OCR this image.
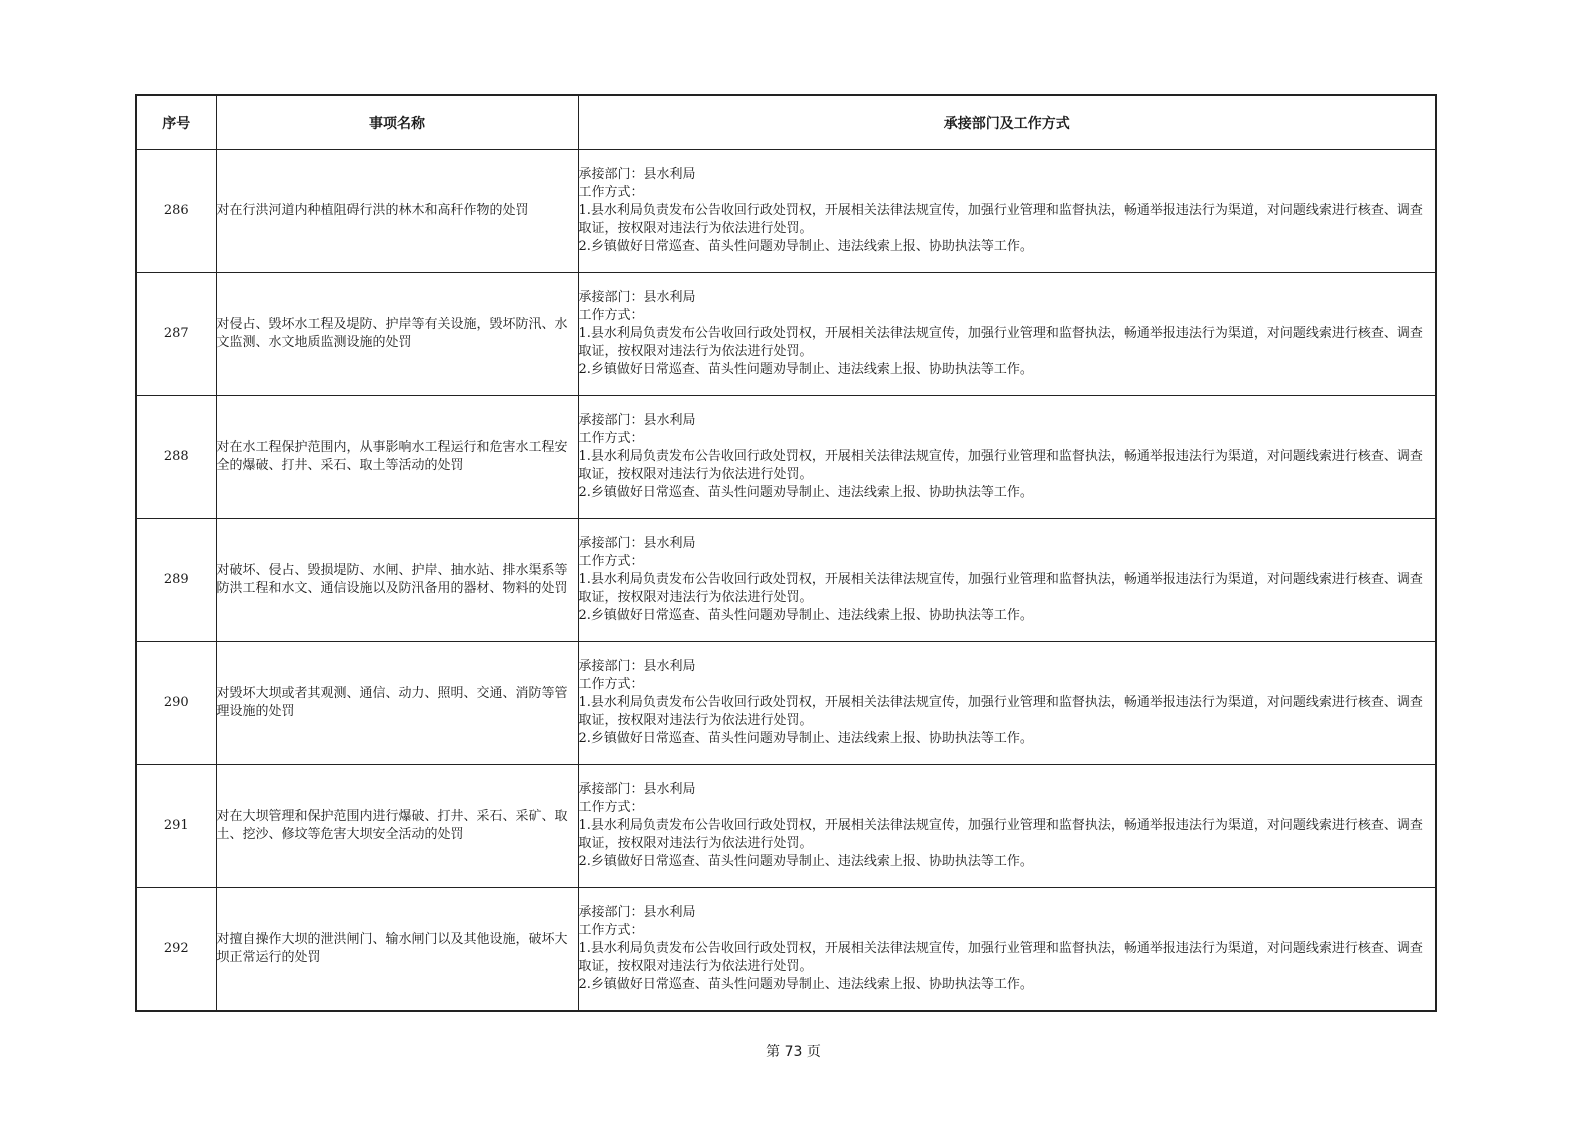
序号	事项名称	承接部门及工作方式
286	对在行洪河道内种植阻碍行洪的林木和高秆作物的处罚	承接部门：县水利局
工作方式：
1.县水利局负责发布公告收回行政处罚权，开展相关法律法规宣传，加强行业管理和监督执法，畅通举报违法行为渠道，对问题线索进行核查、调查取证，按权限对违法行为依法进行处罚。
2.乡镇做好日常巡查、苗头性问题劝导制止、违法线索上报、协助执法等工作。

287	对侵占、毁坏水工程及堤防、护岸等有关设施，毁坏防汛、水文监测、水文地质监测设施的处罚	承接部门：县水利局
工作方式：
1.县水利局负责发布公告收回行政处罚权，开展相关法律法规宣传，加强行业管理和监督执法，畅通举报违法行为渠道，对问题线索进行核查、调查取证，按权限对违法行为依法进行处罚。
2.乡镇做好日常巡查、苗头性问题劝导制止、违法线索上报、协助执法等工作。

288	对在水工程保护范围内，从事影响水工程运行和危害水工程安全的爆破、打井、采石、取土等活动的处罚	承接部门：县水利局
工作方式：
1.县水利局负责发布公告收回行政处罚权，开展相关法律法规宣传，加强行业管理和监督执法，畅通举报违法行为渠道，对问题线索进行核查、调查取证，按权限对违法行为依法进行处罚。
2.乡镇做好日常巡查、苗头性问题劝导制止、违法线索上报、协助执法等工作。

289	对破坏、侵占、毁损堤防、水闸、护岸、抽水站、排水渠系等防洪工程和水文、通信设施以及防汛备用的器材、物料的处罚	承接部门：县水利局
工作方式：
1.县水利局负责发布公告收回行政处罚权，开展相关法律法规宣传，加强行业管理和监督执法，畅通举报违法行为渠道，对问题线索进行核查、调查取证，按权限对违法行为依法进行处罚。
2.乡镇做好日常巡查、苗头性问题劝导制止、违法线索上报、协助执法等工作。

290	对毁坏大坝或者其观测、通信、动力、照明、交通、消防等管理设施的处罚	承接部门：县水利局
工作方式：
1.县水利局负责发布公告收回行政处罚权，开展相关法律法规宣传，加强行业管理和监督执法，畅通举报违法行为渠道，对问题线索进行核查、调查取证，按权限对违法行为依法进行处罚。
2.乡镇做好日常巡查、苗头性问题劝导制止、违法线索上报、协助执法等工作。

291	对在大坝管理和保护范围内进行爆破、打井、采石、采矿、取土、挖沙、修坟等危害大坝安全活动的处罚	承接部门：县水利局
工作方式：
1.县水利局负责发布公告收回行政处罚权，开展相关法律法规宣传，加强行业管理和监督执法，畅通举报违法行为渠道，对问题线索进行核查、调查取证，按权限对违法行为依法进行处罚。
2.乡镇做好日常巡查、苗头性问题劝导制止、违法线索上报、协助执法等工作。

292	对擅自操作大坝的泄洪闸门、输水闸门以及其他设施，破坏大坝正常运行的处罚	承接部门：县水利局
工作方式：
1.县水利局负责发布公告收回行政处罚权，开展相关法律法规宣传，加强行业管理和监督执法，畅通举报违法行为渠道，对问题线索进行核查、调查取证，按权限对违法行为依法进行处罚。
2.乡镇做好日常巡查、苗头性问题劝导制止、违法线索上报、协助执法等工作。
第 73 页
